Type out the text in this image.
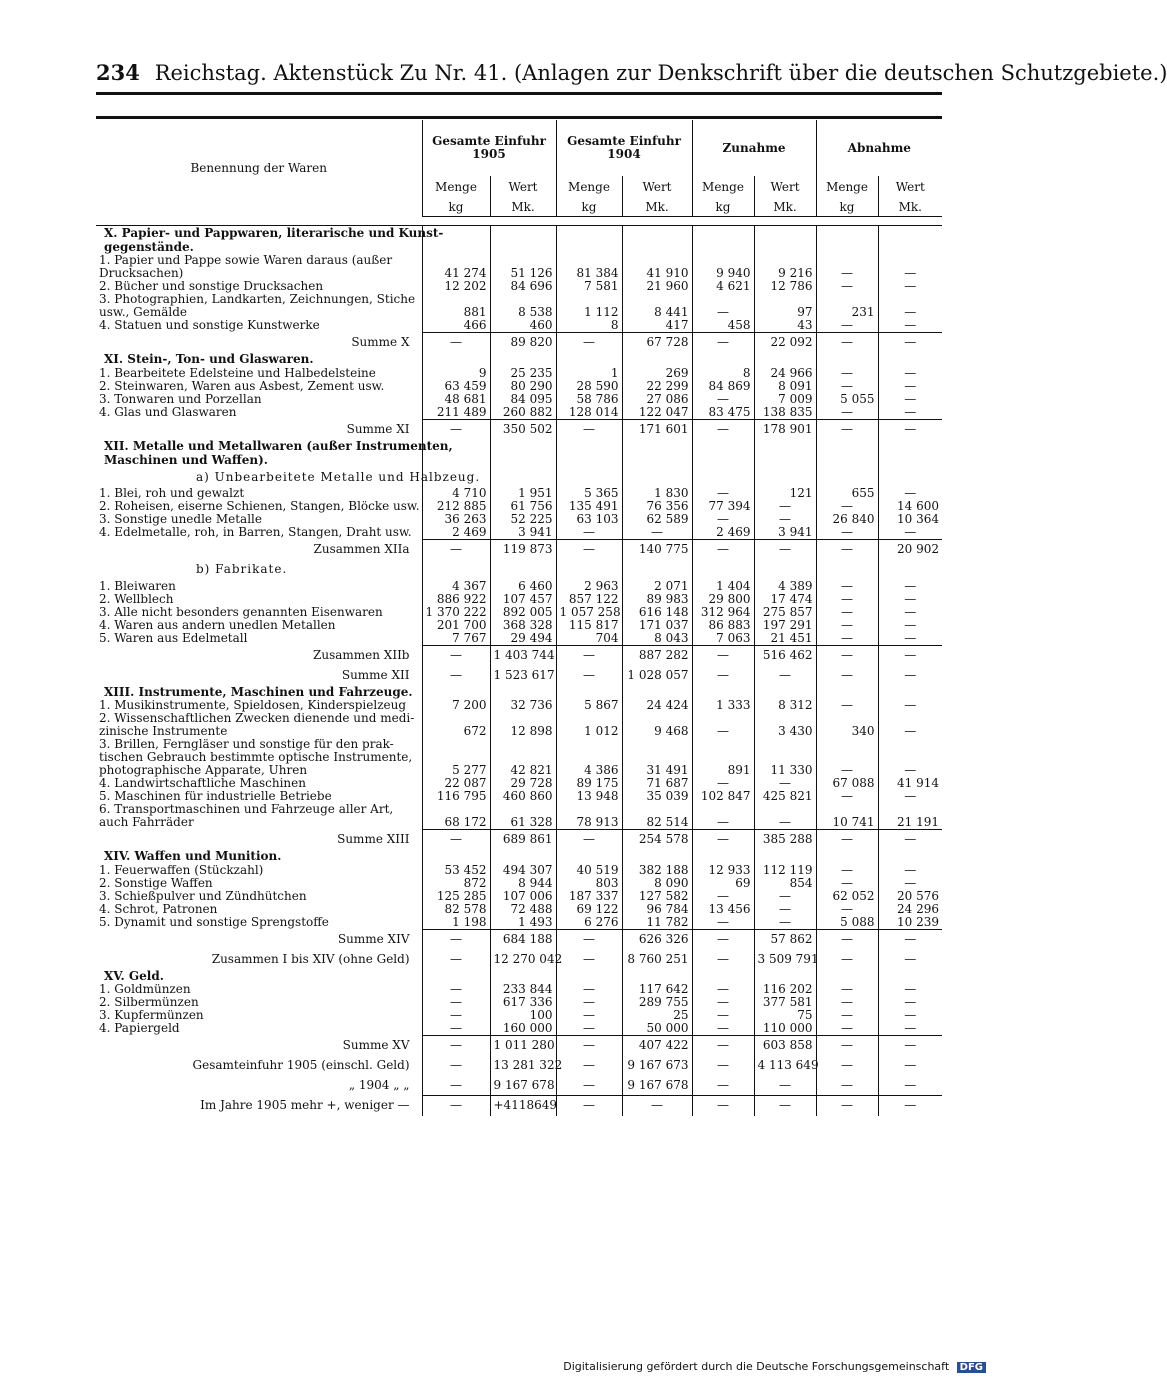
234 Reichstag. Aktenstück Zu Nr. 41. (Anlagen zur Denkschrift über die deutschen Schutzgebiete.)
Benennung der Waren	Gesamte Einfuhr 1905		Gesamte Einfuhr 1904		Zunahme		Abnahme	
	Menge	Wert	Menge	Wert	Menge	Wert	Menge	Wert
	kg	Mk.	kg	Mk.	kg	Mk.	kg	Mk.

X. Papier- und Pappwaren, literarische und Kunst-								
gegenstände.								
1. Papier und Pappe sowie Waren daraus (außer								
Drucksachen)	41 274	51 126	81 384	41 910	9 940	9 216	—	—
2. Bücher und sonstige Drucksachen	12 202	84 696	7 581	21 960	4 621	12 786	—	—
3. Photographien, Landkarten, Zeichnungen, Stiche								
usw., Gemälde	881	8 538	1 112	8 441	—	97	231	—
4. Statuen und sonstige Kunstwerke	466	460	8	417	458	43	—	—
Summe X	—	89 820	—	67 728	—	22 092	—	—
XI. Stein-, Ton- und Glaswaren.								
1. Bearbeitete Edelsteine und Halbedelsteine	9	25 235	1	269	8	24 966	—	—
2. Steinwaren, Waren aus Asbest, Zement usw.	63 459	80 290	28 590	22 299	84 869	8 091	—	—
3. Tonwaren und Porzellan	48 681	84 095	58 786	27 086	—	7 009	5 055	—
4. Glas und Glaswaren	211 489	260 882	128 014	122 047	83 475	138 835	—	—
Summe XI	—	350 502	—	171 601	—	178 901	—	—
XII. Metalle und Metallwaren (außer Instrumenten,								
Maschinen und Waffen).								
a) Unbearbeitete Metalle und Halbzeug.								
1. Blei, roh und gewalzt	4 710	1 951	5 365	1 830	—	121	655	—
2. Roheisen, eiserne Schienen, Stangen, Blöcke usw.	212 885	61 756	135 491	76 356	77 394	—	—	14 600
3. Sonstige unedle Metalle	36 263	52 225	63 103	62 589	—	—	26 840	10 364
4. Edelmetalle, roh, in Barren, Stangen, Draht usw.	2 469	3 941	—	—	2 469	3 941	—	—
Zusammen XIIa	—	119 873	—	140 775	—	—	—	20 902
b) Fabrikate.								
1. Bleiwaren	4 367	6 460	2 963	2 071	1 404	4 389	—	—
2. Wellblech	886 922	107 457	857 122	89 983	29 800	17 474	—	—
3. Alle nicht besonders genannten Eisenwaren	1 370 222	892 005	1 057 258	616 148	312 964	275 857	—	—
4. Waren aus andern unedlen Metallen	201 700	368 328	115 817	171 037	86 883	197 291	—	—
5. Waren aus Edelmetall	7 767	29 494	704	8 043	7 063	21 451	—	—
Zusammen XIIb	—	1 403 744	—	887 282	—	516 462	—	—
Summe XII	—	1 523 617	—	1 028 057	—	—	—	—
XIII. Instrumente, Maschinen und Fahrzeuge.								
1. Musikinstrumente, Spieldosen, Kinderspielzeug	7 200	32 736	5 867	24 424	1 333	8 312	—	—
2. Wissenschaftlichen Zwecken dienende und medi-								
zinische Instrumente	672	12 898	1 012	9 468	—	3 430	340	—
3. Brillen, Ferngläser und sonstige für den prak-								
tischen Gebrauch bestimmte optische Instrumente,								
photographische Apparate, Uhren	5 277	42 821	4 386	31 491	891	11 330	—	—
4. Landwirtschaftliche Maschinen	22 087	29 728	89 175	71 687	—	—	67 088	41 914
5. Maschinen für industrielle Betriebe	116 795	460 860	13 948	35 039	102 847	425 821	—	—
6. Transportmaschinen und Fahrzeuge aller Art,								
auch Fahrräder	68 172	61 328	78 913	82 514	—	—	10 741	21 191
Summe XIII	—	689 861	—	254 578	—	385 288	—	—
XIV. Waffen und Munition.								
1. Feuerwaffen (Stückzahl)	53 452	494 307	40 519	382 188	12 933	112 119	—	—
2. Sonstige Waffen	872	8 944	803	8 090	69	854	—	—
3. Schießpulver und Zündhütchen	125 285	107 006	187 337	127 582	—	—	62 052	20 576
4. Schrot, Patronen	82 578	72 488	69 122	96 784	13 456	—	—	24 296
5. Dynamit und sonstige Sprengstoffe	1 198	1 493	6 276	11 782	—	—	5 088	10 239
Summe XIV	—	684 188	—	626 326	—	57 862	—	—
Zusammen I bis XIV (ohne Geld)	—	12 270 042	—	8 760 251	—	3 509 791	—	—
XV. Geld.								
1. Goldmünzen	—	233 844	—	117 642	—	116 202	—	—
2. Silbermünzen	—	617 336	—	289 755	—	377 581	—	—
3. Kupfermünzen	—	100	—	25	—	75	—	—
4. Papiergeld	—	160 000	—	50 000	—	110 000	—	—
Summe XV	—	1 011 280	—	407 422	—	603 858	—	—
Gesamteinfuhr 1905 (einschl. Geld)	—	13 281 322	—	9 167 673	—	4 113 649	—	—
„ 1904 „ „	—	9 167 678	—	9 167 678	—	—	—	—
Im Jahre 1905 mehr +, weniger —	—	+4118649	—	—	—	—	—	—
Digitalisierung gefördert durch die Deutsche Forschungsgemeinschaft DFG
